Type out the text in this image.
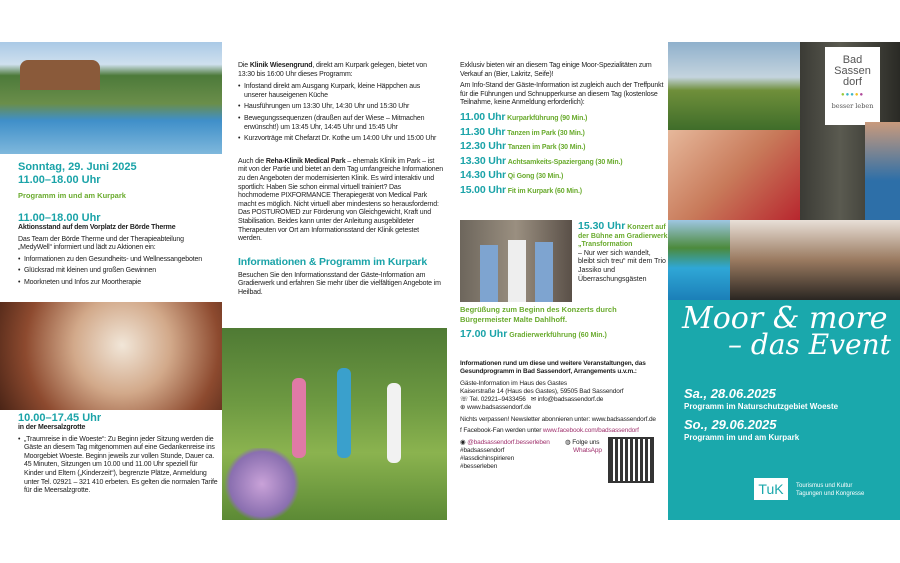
Sonntag, 29. Juni 2025
11.00–18.00 Uhr
Programm im und am Kurpark
11.00–18.00 Uhr
Aktionsstand auf dem Vorplatz der Börde Therme
Das Team der Börde Therme und der Therapieabteilung „MedyWell“ informiert und lädt zu Aktionen ein:
• Informationen zu den Gesundheits- und Wellnessangeboten
• Glücksrad mit kleinen und großen Gewinnen
• Moorkneten und Infos zur Moortherapie
10.00–17.45 Uhr
in der Meersalzgrotte
• „Traumreise in die Woeste“: Zu Beginn jeder Sitzung werden die Gäste an diesem Tag mitgenommen auf eine Gedankenreise ins Moorgebiet Woeste. Beginn jeweils zur vollen Stunde, Dauer ca. 45 Minuten, Sitzungen um 10.00 und 11.00 Uhr speziell für Kinder und Eltern („Kinderzeit“), begrenzte Plätze, Anmeldung unter Tel. 02921 – 321 410 erbeten. Es gelten die normalen Tarife für die Meersalzgrotte.

Die Klinik Wiesengrund, direkt am Kurpark gelegen, bietet von 13:30 bis 16:00 Uhr dieses Programm:

• Infostand direkt am Ausgang Kurpark, kleine Häppchen aus unserer hauseigenen Küche
• Hausführungen um 13:30 Uhr, 14:30 Uhr und 15:30 Uhr
• Bewegungssequenzen (draußen auf der Wiese – Mitmachen erwünscht!) um 13:45 Uhr, 14:45 Uhr und 15:45 Uhr
• Kurzvorträge mit Chefarzt Dr. Kothe um 14:00 Uhr und 15:00 Uhr

Auch die Reha-Klinik Medical Park – ehemals Klinik im Park – ist mit von der Partie und bietet an dem Tag umfangreiche Informationen zu den Angeboten der modernisierten Klinik. Es wird interaktiv und sportlich: Haben Sie schon einmal virtuell trainiert? Das hochmoderne PIXFORMANCE Therapiegerät von Medical Park macht es möglich. Nicht virtuell aber mindestens so herausfordernd: Das POSTUROMED zur Förderung von Gleichgewicht, Kraft und Stabilisation. Beides kann unter der Anleitung ausgebildeter Therapeuten vor Ort am Informationsstand der Klinik getestet werden.

Informationen & Programm im Kurpark

Besuchen Sie den Informationsstand der Gäste-Information am Gradierwerk und erfahren Sie mehr über die vielfältigen Angebote im Heilbad.

Exklusiv bieten wir an diesem Tag einige Moor-Spezialitäten zum Verkauf an (Bier, Lakritz, Seife)!

Am Info-Stand der Gäste-Information ist zugleich auch der Treffpunkt für die Führungen und Schnupperkurse an diesem Tag (kostenlose Teilnahme, keine Anmeldung erforderlich):

11.00 Uhr Kurparkführung (90 Min.)
11.30 Uhr Tanzen im Park (30 Min.)
12.30 Uhr Tanzen im Park (30 Min.)
13.30 Uhr Achtsamkeits-Spaziergang (30 Min.)
14.30 Uhr Qi Gong (30 Min.)
15.00 Uhr Fit im Kurpark (60 Min.)
15.30 Uhr Konzert auf der Bühne am Gradierwerk „Transformation
– Nur wer sich wandelt, bleibt sich treu“ mit dem Trio Jassiko und Überraschungsgästen
Begrüßung zum Beginn des Konzerts durch Bürgermeister Malte Dahlhoff.
17.00 Uhr Gradierwerkführung (60 Min.)

Informationen rund um diese und weitere Veranstaltungen, das Gesundprogramm in Bad Sassendorf, Arrangements u.v.m.:

Gäste-Information im Haus des Gastes

Kaiserstraße 14 (Haus des Gastes), 59505 Bad Sassendorf

☏ Tel. 02921–9433456 ✉ info@badsassendorf.de

⊕ www.badsassendorf.de

Nichts verpassen! Newsletter abonnieren unter: www.badsassendorf.de

f Facebook-Fan werden unter www.facebook.com/badsassendorf

◉ @badsassendorf.besserleben

#badsassendorf

#lassdichinspirieren

#besserleben

◍ Folge uns

WhatsApp

Bad
Sassen
dorf
●●●●●
besser leben
Moor & more
– das Event
Sa., 28.06.2025
Programm im Naturschutzgebiet Woeste
So., 29.06.2025
Programm im und am Kurpark
TuK	Tourismus und Kultur
Tagungen und Kongresse
